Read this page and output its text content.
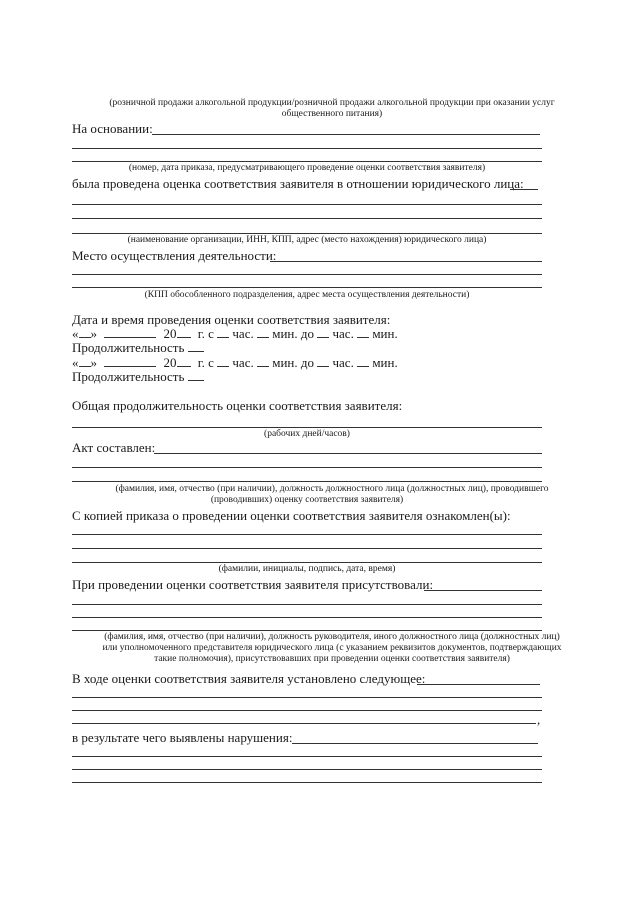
(розничной продажи алкогольной продукции/розничной продажи алкогольной продукции при оказании услуг
общественного питания)
На основании:
(номер, дата приказа, предусматривающего проведение оценки соответствия заявителя)
была проведена оценка соответствия заявителя в отношении юридического лица:
(наименование организации, ИНН, КПП, адрес (место нахождения) юридического лица)
Место осуществления деятельности:
(КПП обособленного подразделения, адрес места осуществления деятельности)
Дата и время проведения оценки соответствия заявителя:
« »	20 г. с час. мин. до час. мин.
Продолжительность
« »	20 г. с час. мин. до час. мин.
Продолжительность
Общая продолжительность оценки соответствия заявителя:
(рабочих дней/часов)
Акт составлен:
(фамилия, имя, отчество (при наличии), должность должностного лица (должностных лиц), проводившего
(проводивших) оценку соответствия заявителя)
С копией приказа о проведении оценки соответствия заявителя ознакомлен(ы):
(фамилии, инициалы, подпись, дата, время)
При проведении оценки соответствия заявителя присутствовали:
(фамилия, имя, отчество (при наличии), должность руководителя, иного должностного лица (должностных лиц)
или уполномоченного представителя юридического лица (с указанием реквизитов документов, подтверждающих
такие полномочия), присутствовавших при проведении оценки соответствия заявителя)
В ходе оценки соответствия заявителя установлено следующее:
,
в результате чего выявлены нарушения:
